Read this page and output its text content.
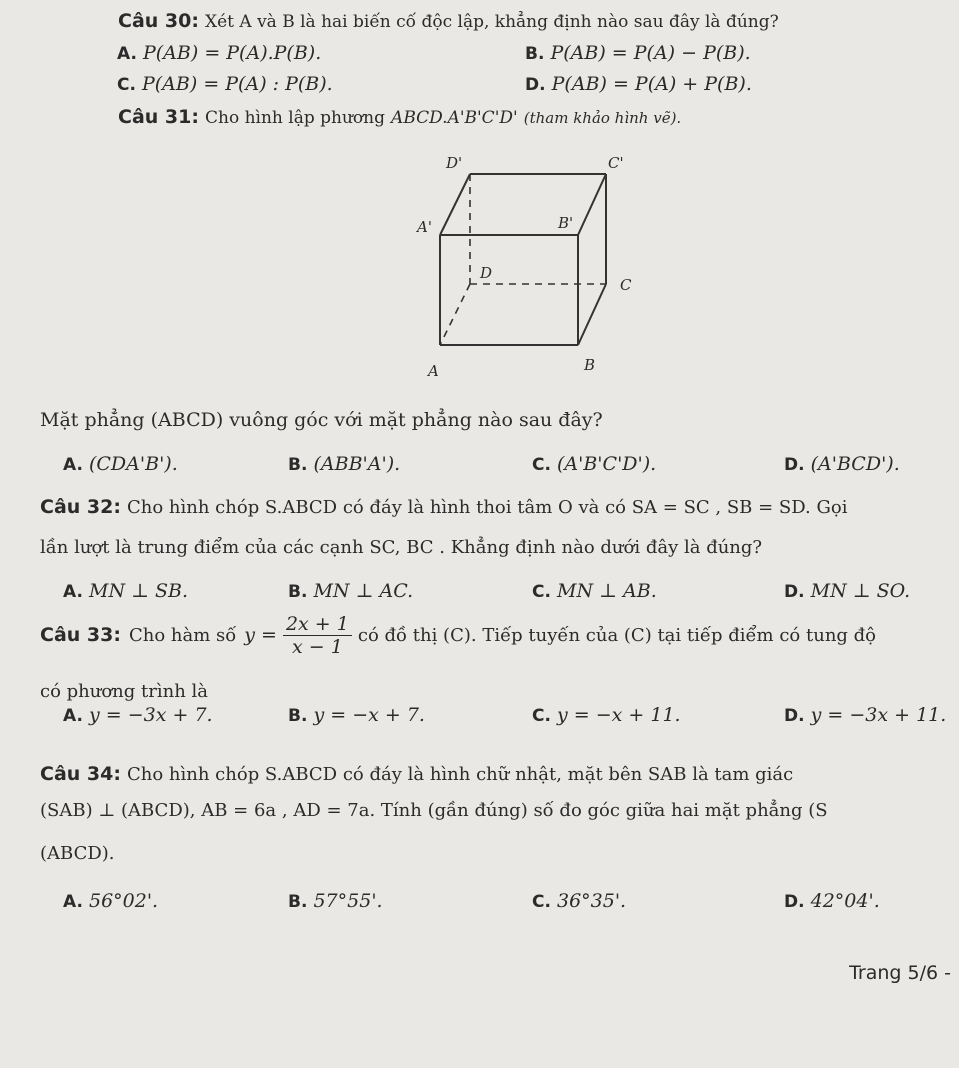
Câu 30: Xét A và B là hai biến cố độc lập, khẳng định nào sau đây là đúng?
A. P(AB) = P(A).P(B).	B. P(AB) = P(A) − P(B).
C. P(AB) = P(A) : P(B).	D. P(AB) = P(A) + P(B).
Câu 31: Cho hình lập phương ABCD.A'B'C'D' (tham khảo hình vẽ).
D'	C'
A'	B'
D
C
A	B
Mặt phẳng (ABCD) vuông góc với mặt phẳng nào sau đây?
A. (CDA'B').	B. (ABB'A').	C. (A'B'C'D').	D. (A'BCD').
Câu 32: Cho hình chóp S.ABCD có đáy là hình thoi tâm O và có SA = SC , SB = SD. Gọi
lần lượt là trung điểm của các cạnh SC, BC . Khẳng định nào dưới đây là đúng?
A. MN ⊥ SB.	B. MN ⊥ AC.	C. MN ⊥ AB.	D. MN ⊥ SO.
Câu 33: Cho hàm số $y = \frac{2x + 1}{x - 1}$ có đồ thị (C). Tiếp tuyến của (C) tại tiếp điểm có tung độ
có phương trình là
A. y = −3x + 7.	B. y = −x + 7.	C. y = −x + 11.	D. y = −3x + 11.
Câu 34: Cho hình chóp S.ABCD có đáy là hình chữ nhật, mặt bên SAB là tam giác
(SAB) ⊥ (ABCD), AB = 6a , AD = 7a. Tính (gần đúng) số đo góc giữa hai mặt phẳng (S
(ABCD).
A. 56°02'.	B. 57°55'.	C. 36°35'.	D. 42°04'.
Trang 5/6 -
